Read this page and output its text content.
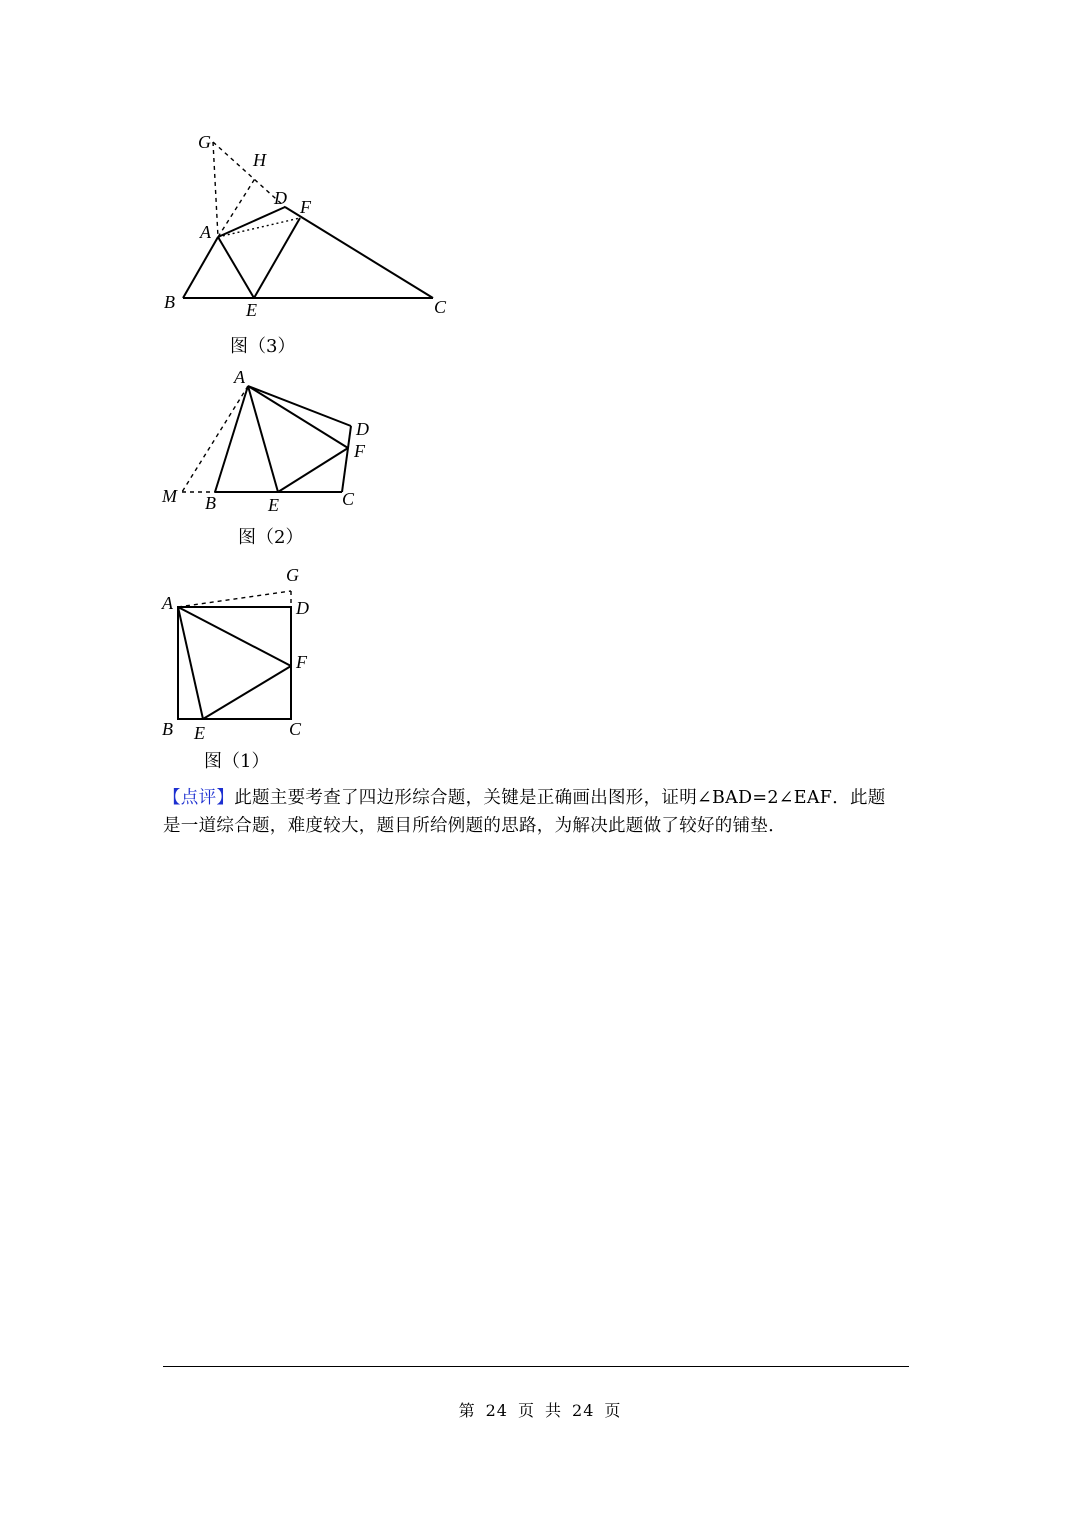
G
H
D F
A
B	E	C
图（3）
A
D
F
M B	E	C
图（2）
G
A	D
F
B E	C
图（1）
【点评】此题主要考查了四边形综合题，关键是正确画出图形，证明∠BAD=2∠EAF．此题
是一道综合题，难度较大，题目所给例题的思路，为解决此题做了较好的铺垫．
第 24 页 共 24 页
